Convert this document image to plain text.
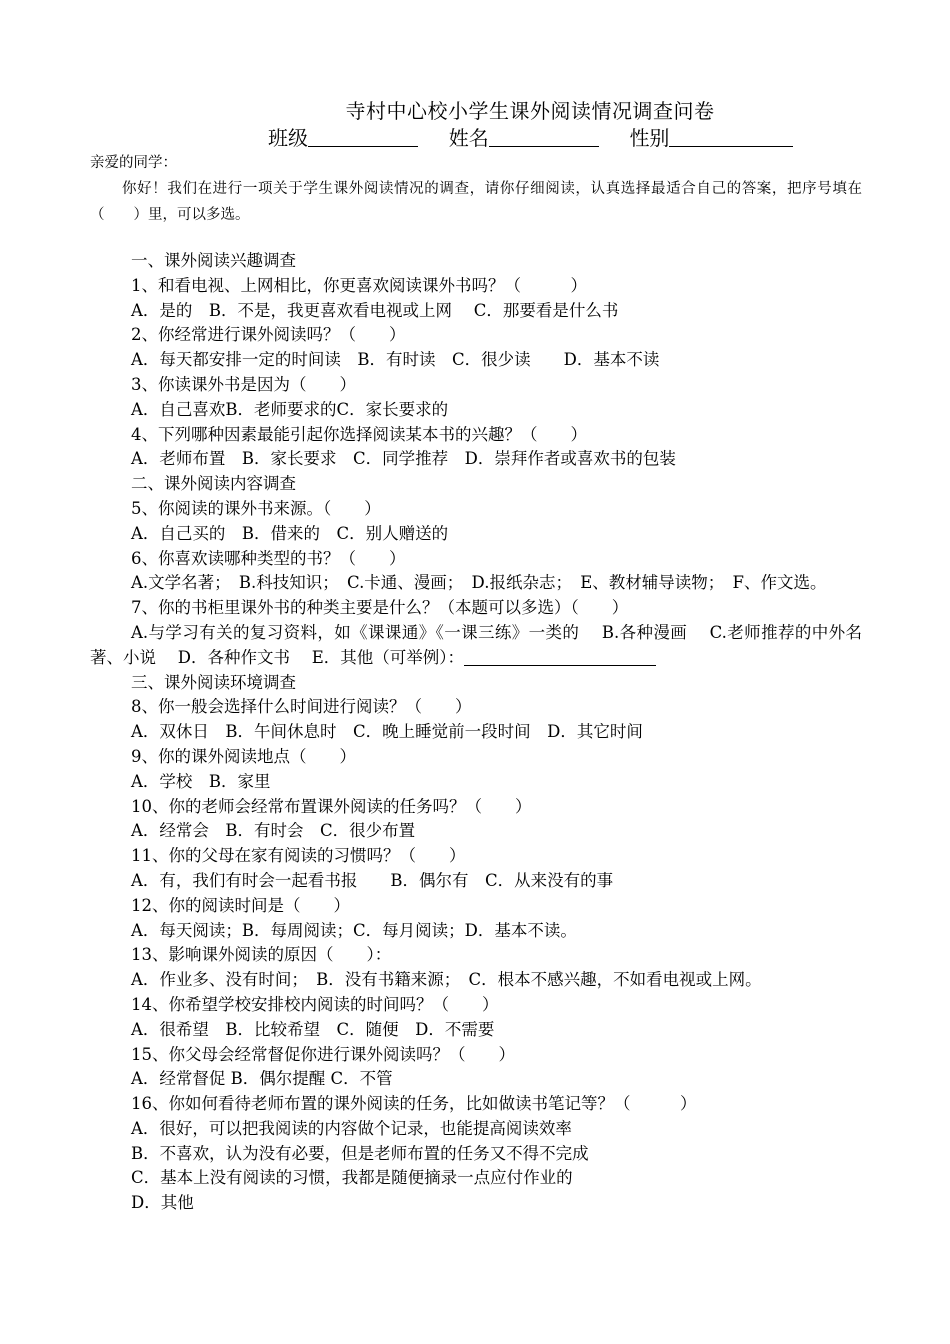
寺村中心校小学生课外阅读情况调查问卷
班级	姓名	性别
亲爱的同学：
你好！我们在进行一项关于学生课外阅读情况的调查，请你仔细阅读，认真选择最适合自己的答案，把序号填在（　　）里，可以多选。
一、课外阅读兴趣调查
1、和看电视、上网相比，你更喜欢阅读课外书吗？（　　　）
A．是的　B．不是，我更喜欢看电视或上网　 C．那要看是什么书
2、你经常进行课外阅读吗？（　　）
A．每天都安排一定的时间读　B．有时读　C．很少读　　D．基本不读
3、你读课外书是因为（　　）
A．自己喜欢B．老师要求的C．家长要求的
4、下列哪种因素最能引起你选择阅读某本书的兴趣？（　　）
A．老师布置　B．家长要求　C．同学推荐　D．崇拜作者或喜欢书的包装
二、课外阅读内容调查
5、你阅读的课外书来源。（　　）
A．自己买的　B．借来的　C．别人赠送的
6、你喜欢读哪种类型的书？（　　）
A.文学名著；　B.科技知识；　C.卡通、漫画；　D.报纸杂志；　E、教材辅导读物；　F、作文选。
7、你的书柜里课外书的种类主要是什么？（本题可以多选）（　　）
A.与学习有关的复习资料，如《课课通》《一课三练》一类的　 B.各种漫画　 C.老师推荐的中外名著、小说　 D．各种作文书　 E．其他（可举例）：
三、课外阅读环境调查
8、你一般会选择什么时间进行阅读？（　　）
A．双休日　B．午间休息时　C．晚上睡觉前一段时间　D．其它时间
9、你的课外阅读地点（　　）
A．学校　B．家里
10、你的老师会经常布置课外阅读的任务吗？（　　）
A．经常会　B．有时会　C．很少布置
11、你的父母在家有阅读的习惯吗？（　　）
A．有，我们有时会一起看书报　　B．偶尔有　C．从来没有的事
12、你的阅读时间是（　　）
A．每天阅读；B．每周阅读；C．每月阅读；D．基本不读。
13、影响课外阅读的原因（　　）：
A．作业多、没有时间；　B．没有书籍来源；　C．根本不感兴趣，不如看电视或上网。
14、你希望学校安排校内阅读的时间吗？（　　）
A．很希望　B．比较希望　C．随便　D．不需要
15、你父母会经常督促你进行课外阅读吗？（　　）
A．经常督促 B．偶尔提醒 C．不管
16、你如何看待老师布置的课外阅读的任务，比如做读书笔记等？（　　　）
A．很好，可以把我阅读的内容做个记录，也能提高阅读效率
B．不喜欢，认为没有必要，但是老师布置的任务又不得不完成
C．基本上没有阅读的习惯，我都是随便摘录一点应付作业的
D．其他
